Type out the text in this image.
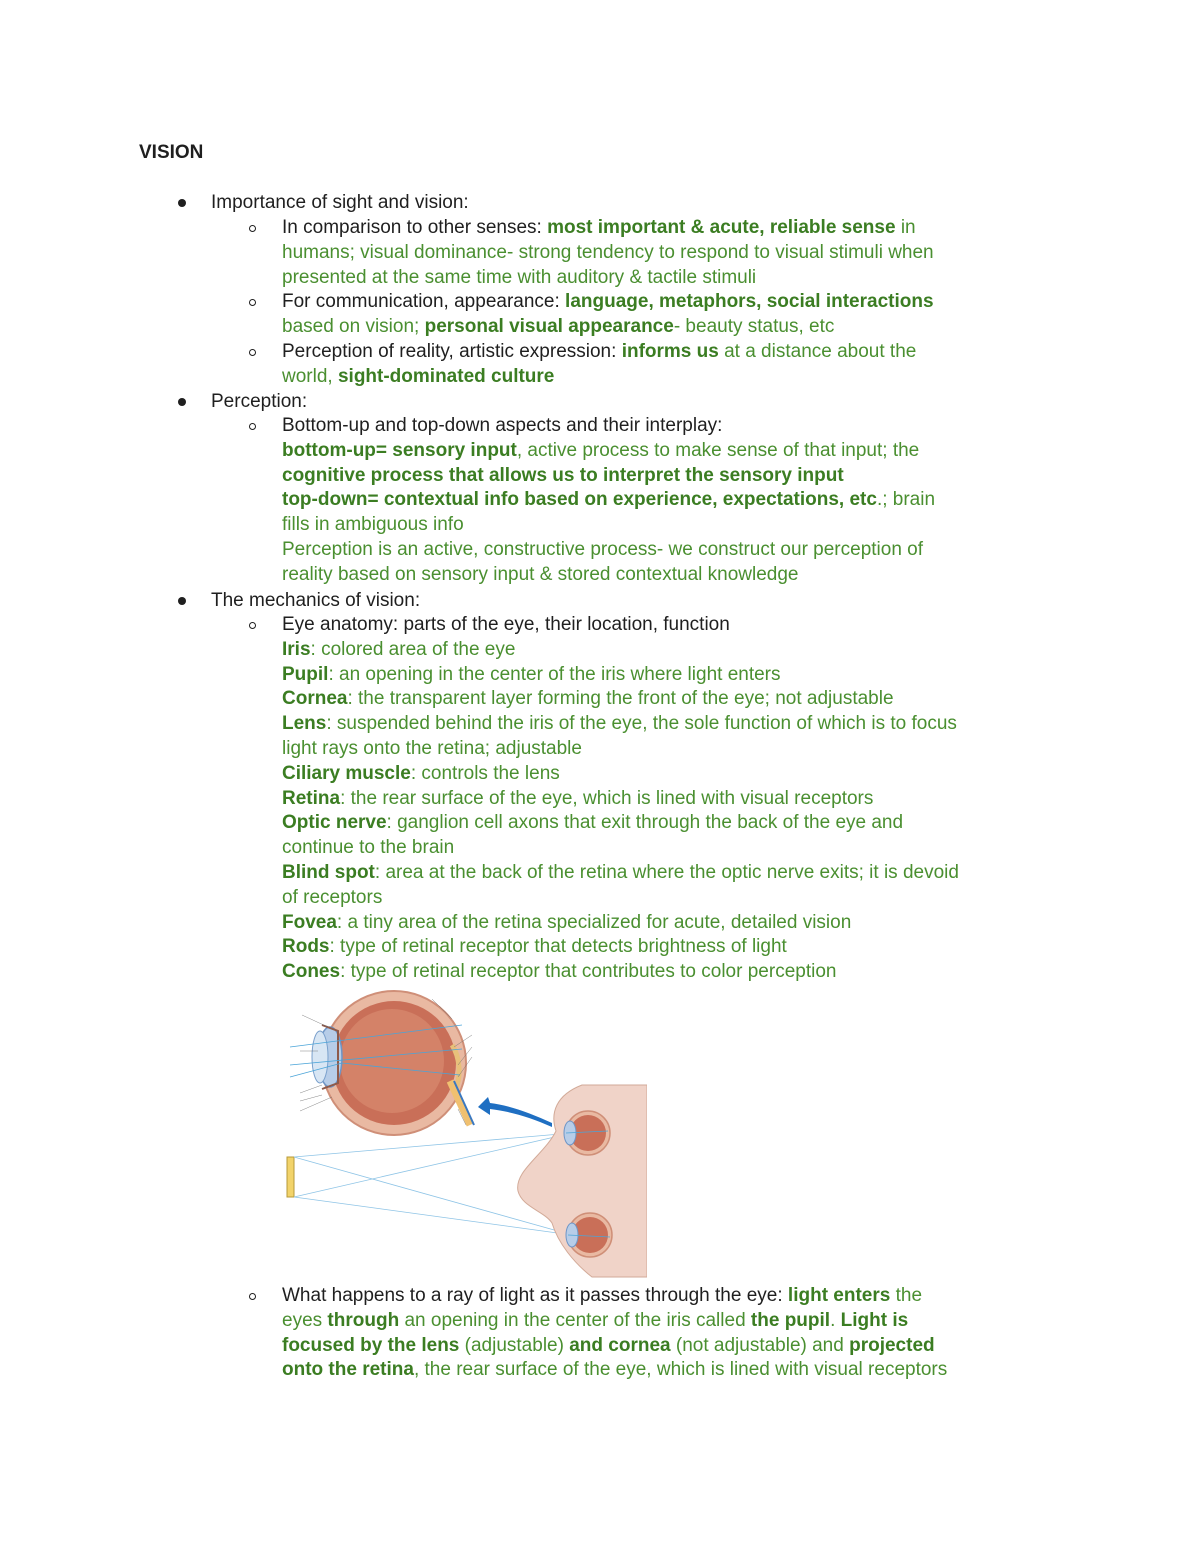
VISION
Importance of sight and vision:
In comparison to other senses: most important & acute, reliable sense in
humans; visual dominance- strong tendency to respond to visual stimuli when
presented at the same time with auditory & tactile stimuli
For communication, appearance: language, metaphors, social interactions
based on vision; personal visual appearance- beauty status, etc
Perception of reality, artistic expression: informs us at a distance about the
world, sight-dominated culture
Perception:
Bottom-up and top-down aspects and their interplay:
bottom-up= sensory input, active process to make sense of that input; the
cognitive process that allows us to interpret the sensory input
top-down= contextual info based on experience, expectations, etc.; brain
fills in ambiguous info
Perception is an active, constructive process- we construct our perception of
reality based on sensory input & stored contextual knowledge
The mechanics of vision:
Eye anatomy: parts of the eye, their location, function
Iris: colored area of the eye
Pupil: an opening in the center of the iris where light enters
Cornea: the transparent layer forming the front of the eye; not adjustable
Lens: suspended behind the iris of the eye, the sole function of which is to focus
light rays onto the retina; adjustable
Ciliary muscle: controls the lens
Retina: the rear surface of the eye, which is lined with visual receptors
Optic nerve: ganglion cell axons that exit through the back of the eye and
continue to the brain
Blind spot: area at the back of the retina where the optic nerve exits; it is devoid
of receptors
Fovea: a tiny area of the retina specialized for acute, detailed vision
Rods: type of retinal receptor that detects brightness of light
Cones: type of retinal receptor that contributes to color perception
What happens to a ray of light as it passes through the eye: light enters the
eyes through an opening in the center of the iris called the pupil. Light is
focused by the lens (adjustable) and cornea (not adjustable) and projected
onto the retina, the rear surface of the eye, which is lined with visual receptors
